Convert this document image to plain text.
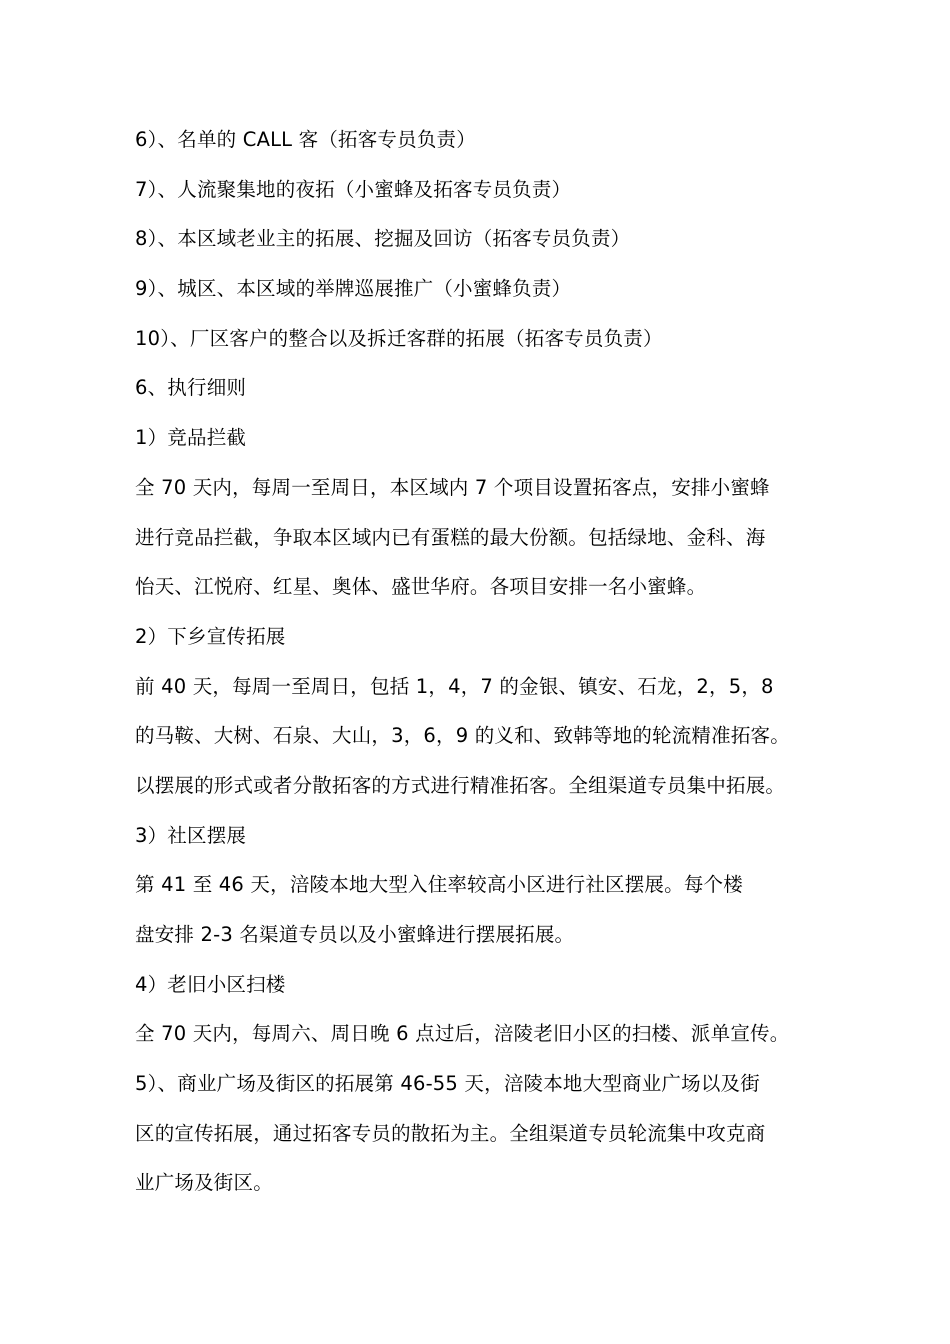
6）、名单的 CALL 客（拓客专员负责）
7）、人流聚集地的夜拓（小蜜蜂及拓客专员负责）
8）、本区域老业主的拓展、挖掘及回访（拓客专员负责）
9）、城区、本区域的举牌巡展推广（小蜜蜂负责）
10）、厂区客户的整合以及拆迁客群的拓展（拓客专员负责）
6、执行细则
1）竞品拦截
全 70 天内，每周一至周日，本区域内 7 个项目设置拓客点，安排小蜜蜂
进行竞品拦截，争取本区域内已有蛋糕的最大份额。包括绿地、金科、海
怡天、江悦府、红星、奥体、盛世华府。各项目安排一名小蜜蜂。
2）下乡宣传拓展
前 40 天，每周一至周日，包括 1，4，7 的金银、镇安、石龙，2，5，8
的马鞍、大树、石泉、大山，3，6，9 的义和、致韩等地的轮流精准拓客。
以摆展的形式或者分散拓客的方式进行精准拓客。全组渠道专员集中拓展。
3）社区摆展
第 41 至 46 天，涪陵本地大型入住率较高小区进行社区摆展。每个楼
盘安排 2-3 名渠道专员以及小蜜蜂进行摆展拓展。
4）老旧小区扫楼
全 70 天内，每周六、周日晚 6 点过后，涪陵老旧小区的扫楼、派单宣传。
5）、商业广场及街区的拓展第 46-55 天，涪陵本地大型商业广场以及街
区的宣传拓展，通过拓客专员的散拓为主。全组渠道专员轮流集中攻克商
业广场及街区。
